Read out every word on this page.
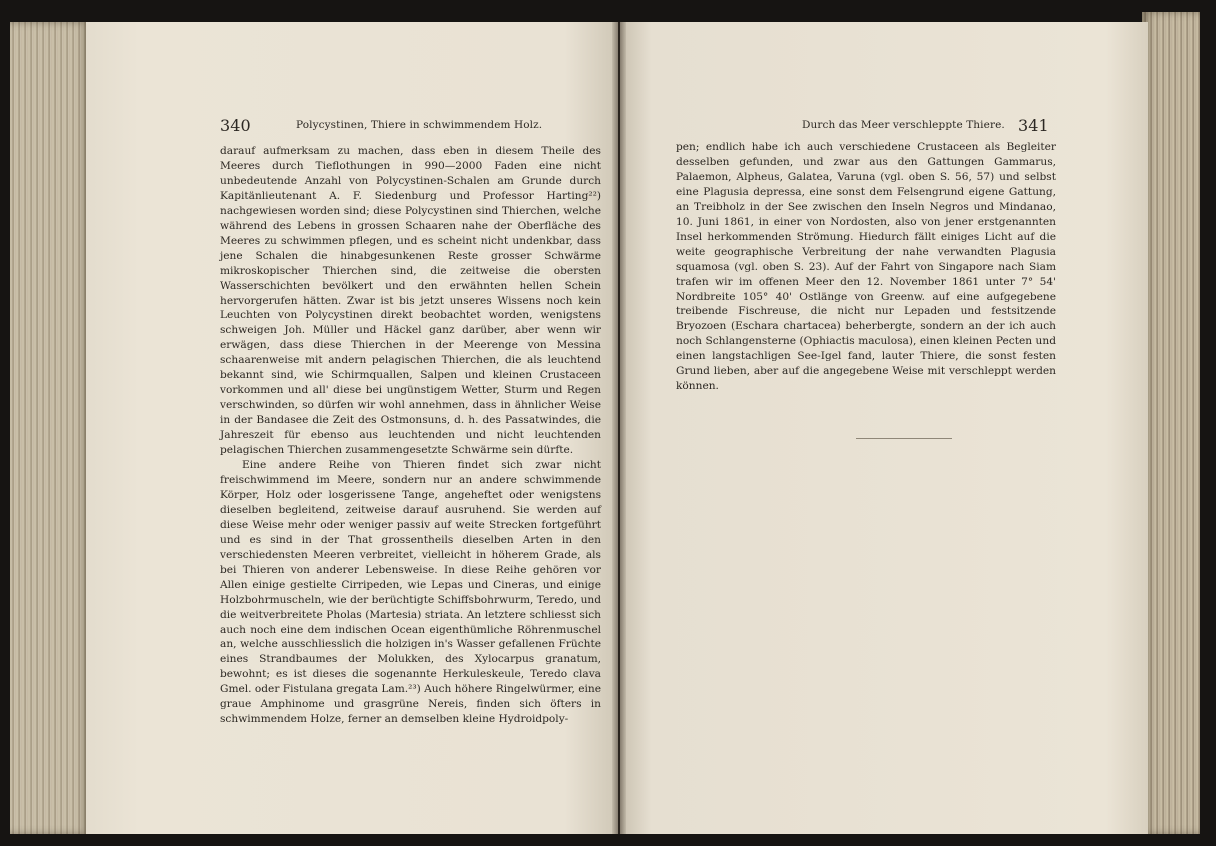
340	Polycystinen, Thiere in schwimmendem Holz.

darauf aufmerksam zu machen, dass eben in diesem Theile des Meeres durch Tieflothungen in 990—2000 Faden eine nicht unbedeutende Anzahl von Polycystinen-Schalen am Grunde durch Kapitänlieutenant A. F. Siedenburg und Professor Harting²²) nachgewiesen worden sind; diese Polycystinen sind Thierchen, welche während des Lebens in grossen Schaaren nahe der Oberfläche des Meeres zu schwimmen pflegen, und es scheint nicht undenkbar, dass jene Schalen die hinabgesunkenen Reste grosser Schwärme mikroskopischer Thierchen sind, die zeitweise die obersten Wasserschichten bevölkert und den erwähnten hellen Schein hervorgerufen hätten. Zwar ist bis jetzt unseres Wissens noch kein Leuchten von Polycystinen direkt beobachtet worden, wenigstens schweigen Joh. Müller und Häckel ganz darüber, aber wenn wir erwägen, dass diese Thierchen in der Meerenge von Messina schaarenweise mit andern pelagischen Thierchen, die als leuchtend bekannt sind, wie Schirmquallen, Salpen und kleinen Crustaceen vorkommen und all' diese bei ungünstigem Wetter, Sturm und Regen verschwinden, so dürfen wir wohl annehmen, dass in ähnlicher Weise in der Bandasee die Zeit des Ostmonsuns, d. h. des Passatwindes, die Jahreszeit für ebenso aus leuchtenden und nicht leuchtenden pelagischen Thierchen zusammengesetzte Schwärme sein dürfte.

Eine andere Reihe von Thieren findet sich zwar nicht freischwimmend im Meere, sondern nur an andere schwimmende Körper, Holz oder losgerissene Tange, angeheftet oder wenigstens dieselben begleitend, zeitweise darauf ausruhend. Sie werden auf diese Weise mehr oder weniger passiv auf weite Strecken fortgeführt und es sind in der That grossentheils dieselben Arten in den verschiedensten Meeren verbreitet, vielleicht in höherem Grade, als bei Thieren von anderer Lebensweise. In diese Reihe gehören vor Allen einige gestielte Cirripeden, wie Lepas und Cineras, und einige Holzbohrmuscheln, wie der berüchtigte Schiffsbohrwurm, Teredo, und die weitverbreitete Pholas (Martesia) striata. An letztere schliesst sich auch noch eine dem indischen Ocean eigenthümliche Röhrenmuschel an, welche ausschliesslich die holzigen in's Wasser gefallenen Früchte eines Strandbaumes der Molukken, des Xylocarpus granatum, bewohnt; es ist dieses die sogenannte Herkuleskeule, Teredo clava Gmel. oder Fistulana gregata Lam.²³) Auch höhere Ringelwürmer, eine graue Amphinome und grasgrüne Nereis, finden sich öfters in schwimmendem Holze, ferner an demselben kleine Hydroidpoly-

Durch das Meer verschleppte Thiere. 341

pen; endlich habe ich auch verschiedene Crustaceen als Begleiter desselben gefunden, und zwar aus den Gattungen Gammarus, Palaemon, Alpheus, Galatea, Varuna (vgl. oben S. 56, 57) und selbst eine Plagusia depressa, eine sonst dem Felsengrund eigene Gattung, an Treibholz in der See zwischen den Inseln Negros und Mindanao, 10. Juni 1861, in einer von Nordosten, also von jener erstgenannten Insel herkommenden Strömung. Hiedurch fällt einiges Licht auf die weite geographische Verbreitung der nahe verwandten Plagusia squamosa (vgl. oben S. 23). Auf der Fahrt von Singapore nach Siam trafen wir im offenen Meer den 12. November 1861 unter 7° 54' Nordbreite 105° 40' Ostlänge von Greenw. auf eine aufgegebene treibende Fischreuse, die nicht nur Lepaden und festsitzende Bryozoen (Eschara chartacea) beherbergte, sondern an der ich auch noch Schlangensterne (Ophiactis maculosa), einen kleinen Pecten und einen langstachligen See-Igel fand, lauter Thiere, die sonst festen Grund lieben, aber auf die angegebene Weise mit verschleppt werden können.
